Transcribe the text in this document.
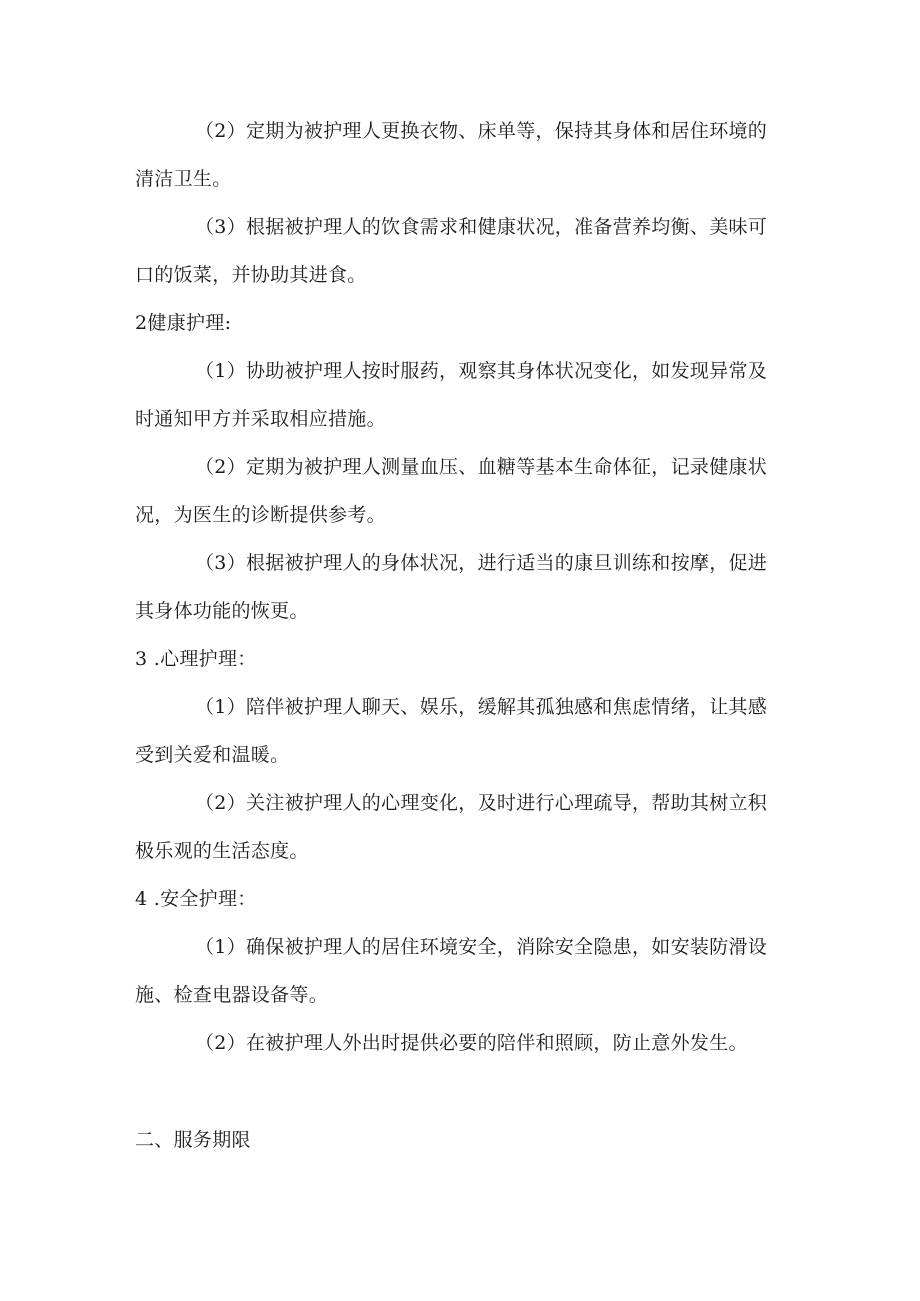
（2）定期为被护理人更换衣物、床单等，保持其身体和居住环境的
清洁卫生。
（3）根据被护理人的饮食需求和健康状况，准备营养均衡、美味可
口的饭菜，并协助其进食。
2健康护理:
（1）协助被护理人按时服药，观察其身体状况变化，如发现异常及
时通知甲方并采取相应措施。
（2）定期为被护理人测量血压、血糖等基本生命体征，记录健康状
况，为医生的诊断提供参考。
（3）根据被护理人的身体状况，进行适当的康旦训练和按摩，促进
其身体功能的恢更。
3 .心理护理：
（1）陪伴被护理人聊天、娱乐，缓解其孤独感和焦虑情绪，让其感
受到关爱和温暖。
（2）关注被护理人的心理变化，及时进行心理疏导，帮助其树立积
极乐观的生活态度。
4 .安全护理：
（1）确保被护理人的居住环境安全，消除安全隐患，如安装防滑设
施、检查电器设备等。
（2）在被护理人外出时提供必要的陪伴和照顾，防止意外发生。
二、服务期限
